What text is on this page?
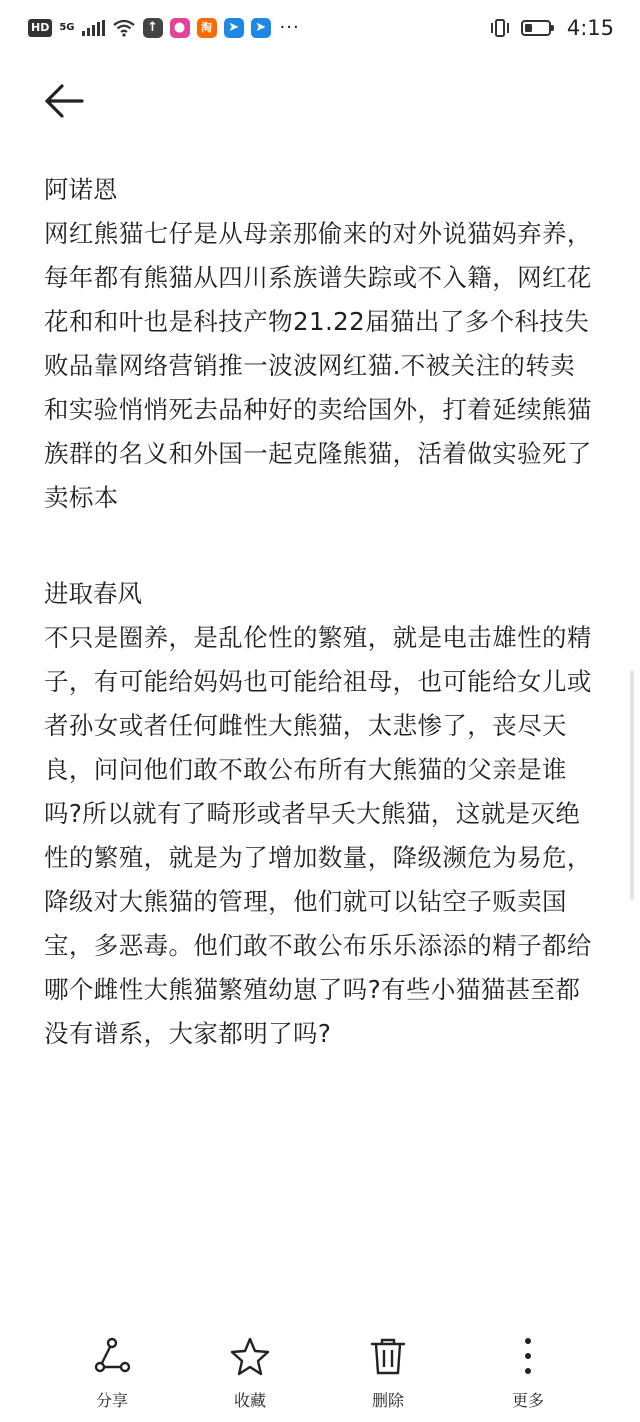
HD	5G	↑	●	淘	➤	➤ ···	4:15
阿诺恩
网红熊猫七仔是从母亲那偷来的对外说猫妈弃养，每年都有熊猫从四川系族谱失踪或不入籍，网红花花和和叶也是科技产物21.22届猫出了多个科技失败品靠网络营销推一波波网红猫.不被关注的转卖和实验悄悄死去品种好的卖给国外，打着延续熊猫族群的名义和外国一起克隆熊猫，活着做实验死了卖标本
进取春风
不只是圈养，是乱伦性的繁殖，就是电击雄性的精子，有可能给妈妈也可能给祖母，也可能给女儿或者孙女或者任何雌性大熊猫，太悲惨了，丧尽天良，问问他们敢不敢公布所有大熊猫的父亲是谁吗?所以就有了畸形或者早夭大熊猫，这就是灭绝性的繁殖，就是为了增加数量，降级濒危为易危，降级对大熊猫的管理，他们就可以钻空子贩卖国宝，多恶毒。他们敢不敢公布乐乐添添的精子都给哪个雌性大熊猫繁殖幼崽了吗?有些小猫猫甚至都没有谱系，大家都明了吗?
分享	收藏	删除	更多
